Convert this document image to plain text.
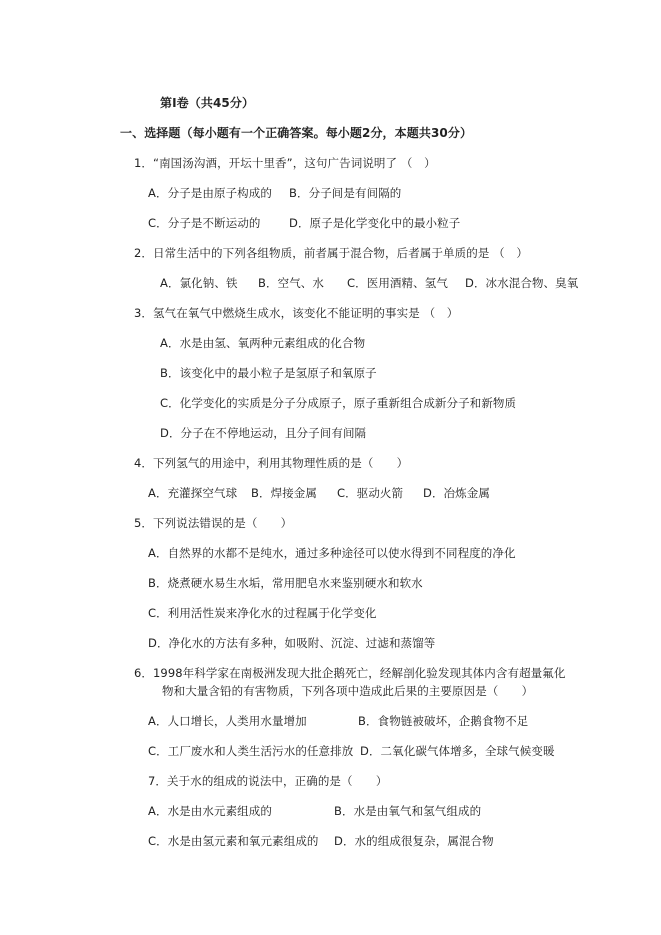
第Ⅰ卷（共45分）
一、选择题（每小题有一个正确答案。每小题2分，本题共30分）
1．“南国汤沟酒，开坛十里香”，这句广告词说明了 （　）
A．分子是由原子构成的 B．分子间是有间隔的
C．分子是不断运动的 D．原子是化学变化中的最小粒子
2．日常生活中的下列各组物质，前者属于混合物，后者属于单质的是 （　）
A．氯化钠、铁 B．空气、水 C．医用酒精、氢气 D．冰水混合物、臭氧
3．氢气在氧气中燃烧生成水，该变化不能证明的事实是 （　）
A．水是由氢、氧两种元素组成的化合物
B．该变化中的最小粒子是氢原子和氧原子
C．化学变化的实质是分子分成原子，原子重新组合成新分子和新物质
D．分子在不停地运动，且分子间有间隔
4．下列氢气的用途中，利用其物理性质的是（　　）
A．充灌探空气球 B．焊接金属 C．驱动火箭 D．冶炼金属
5．下列说法错误的是（　　）
A．自然界的水都不是纯水，通过多种途径可以使水得到不同程度的净化
B．烧煮硬水易生水垢，常用肥皂水来鉴别硬水和软水
C．利用活性炭来净化水的过程属于化学变化
D．净化水的方法有多种，如吸附、沉淀、过滤和蒸馏等
6．1998年科学家在南极洲发现大批企鹅死亡，经解剖化验发现其体内含有超量氟化
物和大量含铅的有害物质，下列各项中造成此后果的主要原因是（　　）
A．人口增长，人类用水量增加	B．食物链被破坏，企鹅食物不足
C．工厂废水和人类生活污水的任意排放 D．二氧化碳气体增多，全球气候变暖
7．关于水的组成的说法中，正确的是（　　）
A．水是由水元素组成的	B．水是由氧气和氢气组成的
C．水是由氢元素和氧元素组成的 D．水的组成很复杂，属混合物
